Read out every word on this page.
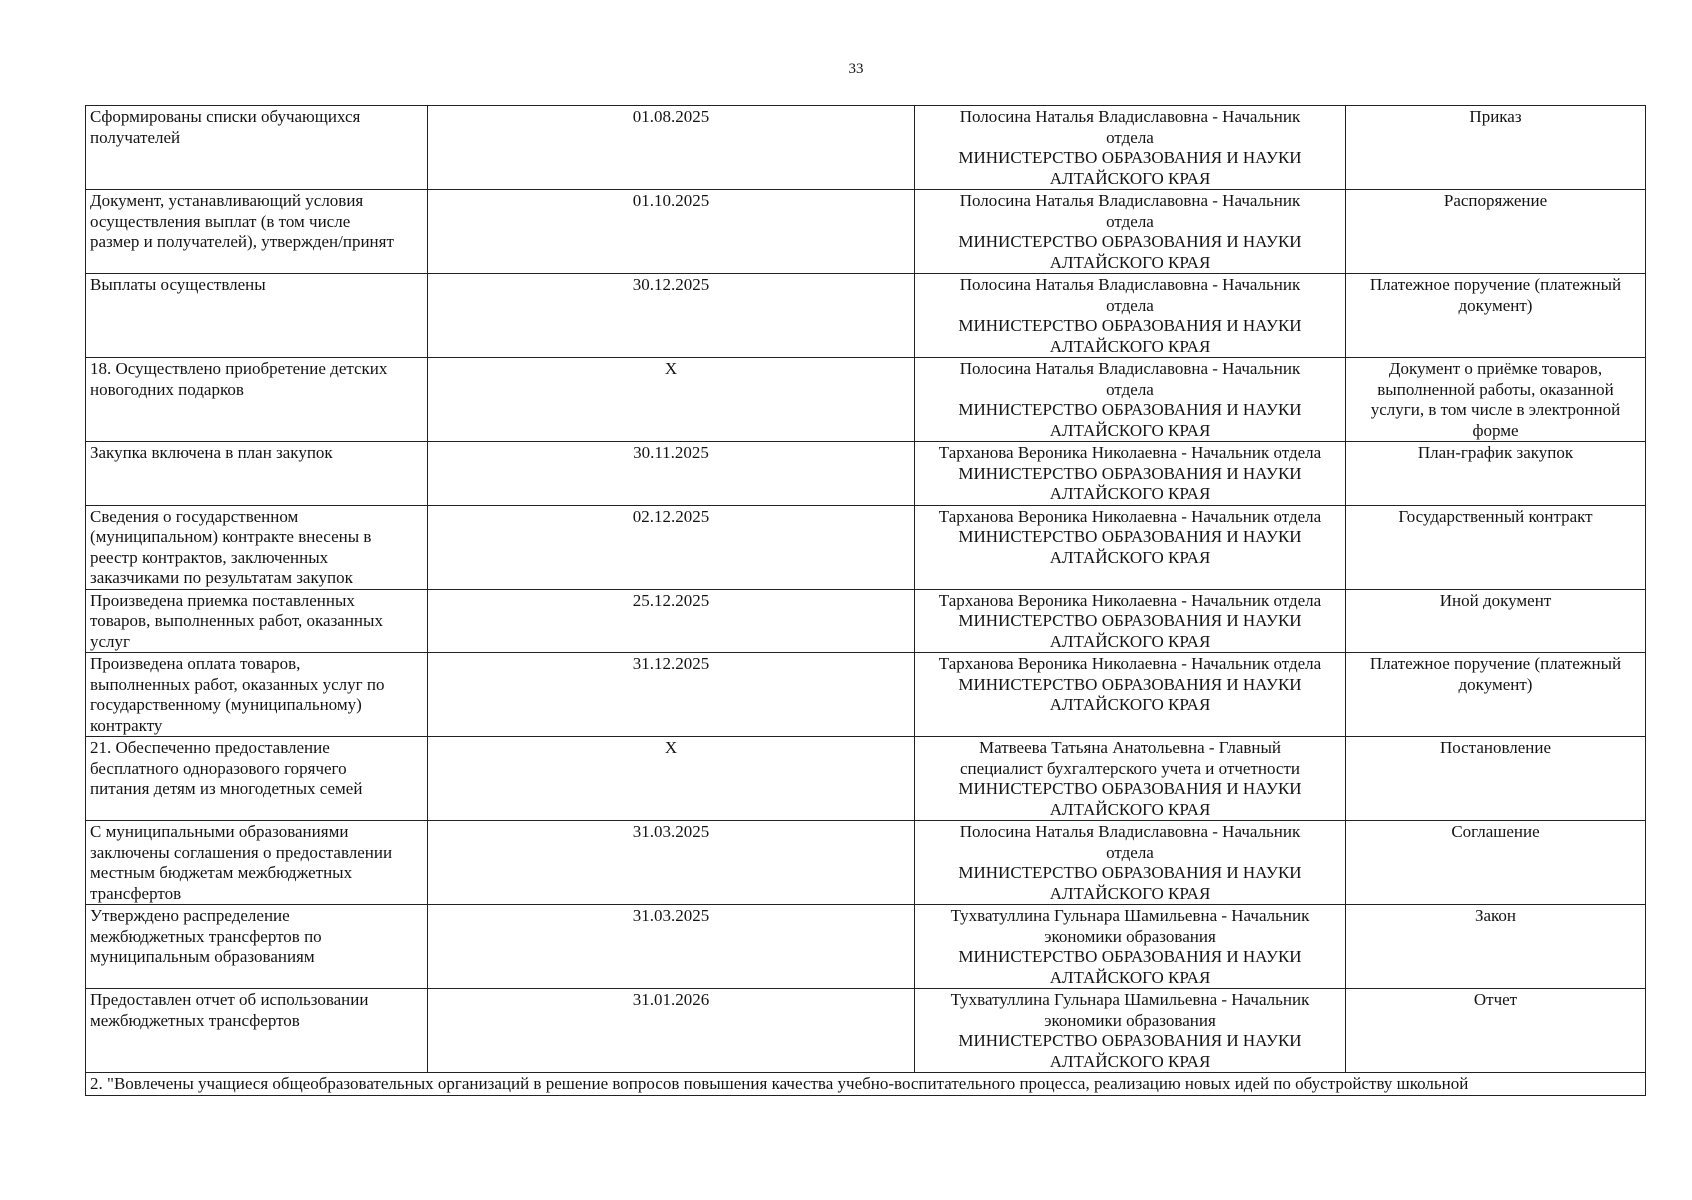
33
Сформированы списки обучающихся
получателей	01.08.2025	Полосина Наталья Владиславовна - Начальник
отдела
МИНИСТЕРСТВО ОБРАЗОВАНИЯ И НАУКИ
АЛТАЙСКОГО КРАЯ	Приказ

Документ, устанавливающий условия
осуществления выплат (в том числе
размер и получателей), утвержден/принят	01.10.2025	Полосина Наталья Владиславовна - Начальник
отдела
МИНИСТЕРСТВО ОБРАЗОВАНИЯ И НАУКИ
АЛТАЙСКОГО КРАЯ	Распоряжение

Выплаты осуществлены	30.12.2025	Полосина Наталья Владиславовна - Начальник
отдела
МИНИСТЕРСТВО ОБРАЗОВАНИЯ И НАУКИ
АЛТАЙСКОГО КРАЯ	Платежное поручение (платежный
документ)

18. Осуществлено приобретение детских
новогодних подарков	X	Полосина Наталья Владиславовна - Начальник
отдела
МИНИСТЕРСТВО ОБРАЗОВАНИЯ И НАУКИ
АЛТАЙСКОГО КРАЯ	Документ о приёмке товаров,
выполненной работы, оказанной
услуги, в том числе в электронной
форме

Закупка включена в план закупок	30.11.2025	Тарханова Вероника Николаевна - Начальник отдела
МИНИСТЕРСТВО ОБРАЗОВАНИЯ И НАУКИ
АЛТАЙСКОГО КРАЯ	План-график закупок

Сведения о государственном
(муниципальном) контракте внесены в
реестр контрактов, заключенных
заказчиками по результатам закупок	02.12.2025	Тарханова Вероника Николаевна - Начальник отдела
МИНИСТЕРСТВО ОБРАЗОВАНИЯ И НАУКИ
АЛТАЙСКОГО КРАЯ	Государственный контракт

Произведена приемка поставленных
товаров, выполненных работ, оказанных
услуг	25.12.2025	Тарханова Вероника Николаевна - Начальник отдела
МИНИСТЕРСТВО ОБРАЗОВАНИЯ И НАУКИ
АЛТАЙСКОГО КРАЯ	Иной документ

Произведена оплата товаров,
выполненных работ, оказанных услуг по
государственному (муниципальному)
контракту	31.12.2025	Тарханова Вероника Николаевна - Начальник отдела
МИНИСТЕРСТВО ОБРАЗОВАНИЯ И НАУКИ
АЛТАЙСКОГО КРАЯ	Платежное поручение (платежный
документ)

21. Обеспеченно предоставление
бесплатного одноразового горячего
питания детям из многодетных семей	X	Матвеева Татьяна Анатольевна - Главный
специалист бухгалтерского учета и отчетности
МИНИСТЕРСТВО ОБРАЗОВАНИЯ И НАУКИ
АЛТАЙСКОГО КРАЯ	Постановление

С муниципальными образованиями
заключены соглашения о предоставлении
местным бюджетам межбюджетных
трансфертов	31.03.2025	Полосина Наталья Владиславовна - Начальник
отдела
МИНИСТЕРСТВО ОБРАЗОВАНИЯ И НАУКИ
АЛТАЙСКОГО КРАЯ	Соглашение

Утверждено распределение
межбюджетных трансфертов по
муниципальным образованиям	31.03.2025	Тухватуллина Гульнара Шамильевна - Начальник
экономики образования
МИНИСТЕРСТВО ОБРАЗОВАНИЯ И НАУКИ
АЛТАЙСКОГО КРАЯ	Закон

Предоставлен отчет об использовании
межбюджетных трансфертов	31.01.2026	Тухватуллина Гульнара Шамильевна - Начальник
экономики образования
МИНИСТЕРСТВО ОБРАЗОВАНИЯ И НАУКИ
АЛТАЙСКОГО КРАЯ	Отчет

2. "Вовлечены учащиеся общеобразовательных организаций в решение вопросов повышения качества учебно-воспитательного процесса, реализацию новых идей по обустройству школьной			
